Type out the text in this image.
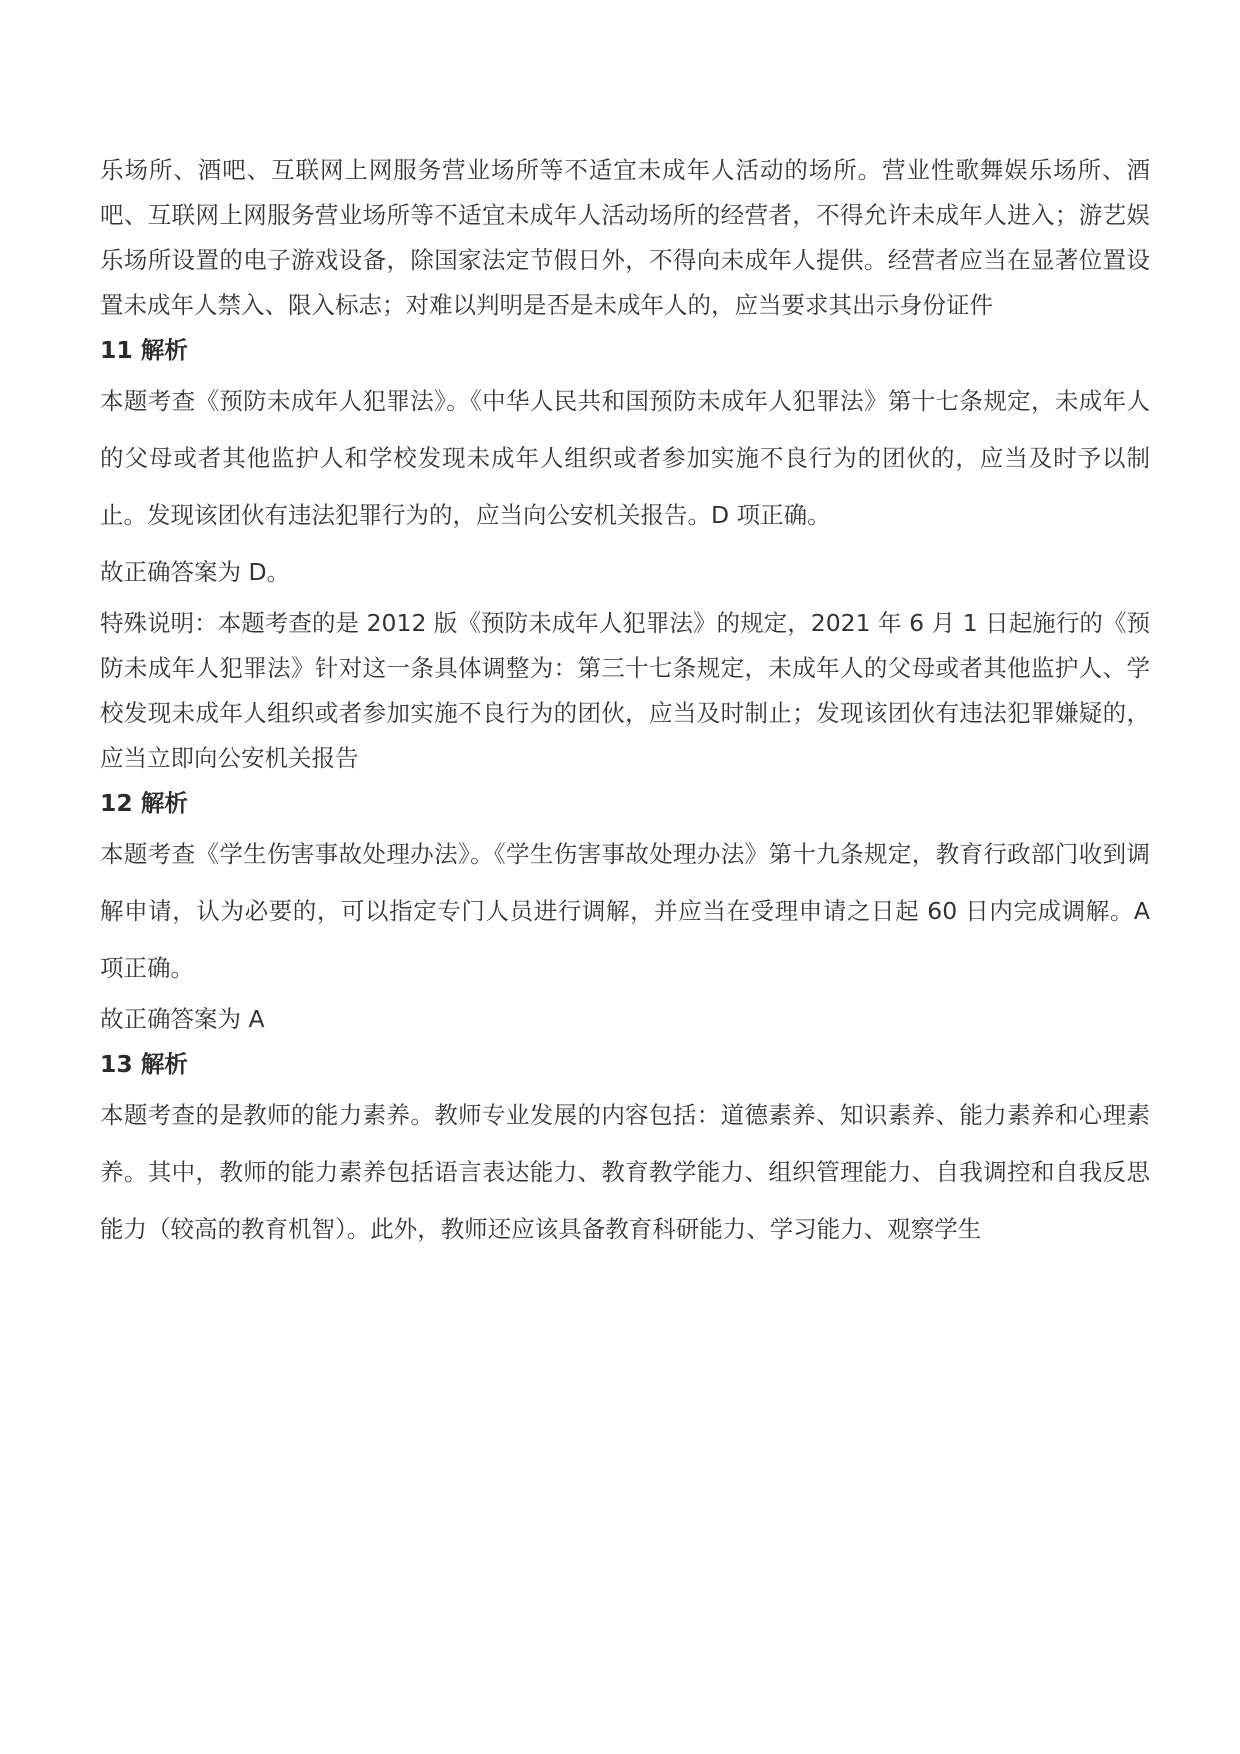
乐场所、酒吧、互联网上网服务营业场所等不适宜未成年人活动的场所。营业性歌舞娱乐场所、酒吧、互联网上网服务营业场所等不适宜未成年人活动场所的经营者，不得允许未成年人进入；游艺娱乐场所设置的电子游戏设备，除国家法定节假日外，不得向未成年人提供。经营者应当在显著位置设置未成年人禁入、限入标志；对难以判明是否是未成年人的，应当要求其出示身份证件

11 解析

本题考查《预防未成年人犯罪法》。《中华人民共和国预防未成年人犯罪法》第十七条规定，未成年人的父母或者其他监护人和学校发现未成年人组织或者参加实施不良行为的团伙的，应当及时予以制止。发现该团伙有违法犯罪行为的，应当向公安机关报告。D 项正确。

故正确答案为 D。

特殊说明：本题考查的是 2012 版《预防未成年人犯罪法》的规定，2021 年 6 月 1 日起施行的《预防未成年人犯罪法》针对这一条具体调整为：第三十七条规定，未成年人的父母或者其他监护人、学校发现未成年人组织或者参加实施不良行为的团伙，应当及时制止；发现该团伙有违法犯罪嫌疑的，应当立即向公安机关报告

12 解析

本题考查《学生伤害事故处理办法》。《学生伤害事故处理办法》第十九条规定，教育行政部门收到调解申请，认为必要的，可以指定专门人员进行调解，并应当在受理申请之日起 60 日内完成调解。A 项正确。

故正确答案为 A

13 解析

本题考查的是教师的能力素养。教师专业发展的内容包括：道德素养、知识素养、能力素养和心理素养。其中，教师的能力素养包括语言表达能力、教育教学能力、组织管理能力、自我调控和自我反思能力（较高的教育机智）。此外，教师还应该具备教育科研能力、学习能力、观察学生
